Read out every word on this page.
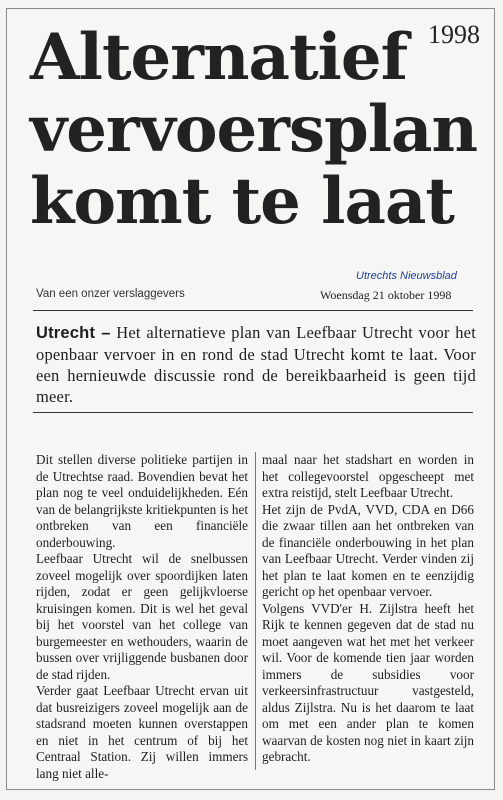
1998
Alternatief
vervoersplan
komt te laat
Utrechts Nieuwsblad
Van een onzer verslaggevers	Woensdag 21 oktober 1998
Utrecht – Het alternatieve plan van Leefbaar Utrecht voor het openbaar vervoer in en rond de stad Utrecht komt te laat. Voor een hernieuwde discussie rond de bereikbaarheid is geen tijd meer.

Dit stellen diverse politieke partijen in de Utrechtse raad. Bovendien bevat het plan nog te veel onduidelijkheden. Eén van de belangrijkste kritiekpunten is het ontbreken van een financiële onderbouwing.

Leefbaar Utrecht wil de snelbussen zoveel mogelijk over spoordijken laten rijden, zodat er geen gelijkvloerse kruisingen komen. Dit is wel het geval bij het voorstel van het college van burgemeester en wethouders, waarin de bussen over vrijliggende busbanen door de stad rijden.

Verder gaat Leefbaar Utrecht ervan uit dat busreizigers zoveel mogelijk aan de stadsrand moeten kunnen overstappen en niet in het centrum of bij het Centraal Station. Zij willen immers lang niet alle-

maal naar het stadshart en worden in het collegevoorstel opgescheept met extra reistijd, stelt Leefbaar Utrecht.

Het zijn de PvdA, VVD, CDA en D66 die zwaar tillen aan het ontbreken van de financiële onderbouwing in het plan van Leefbaar Utrecht. Verder vinden zij het plan te laat komen en te eenzijdig gericht op het openbaar vervoer.

Volgens VVD'er H. Zijlstra heeft het Rijk te kennen gegeven dat de stad nu moet aangeven wat het met het verkeer wil. Voor de komende tien jaar worden immers de subsidies voor verkeersinfrastructuur vastgesteld, aldus Zijlstra. Nu is het daarom te laat om met een ander plan te komen waarvan de kosten nog niet in kaart zijn gebracht.
